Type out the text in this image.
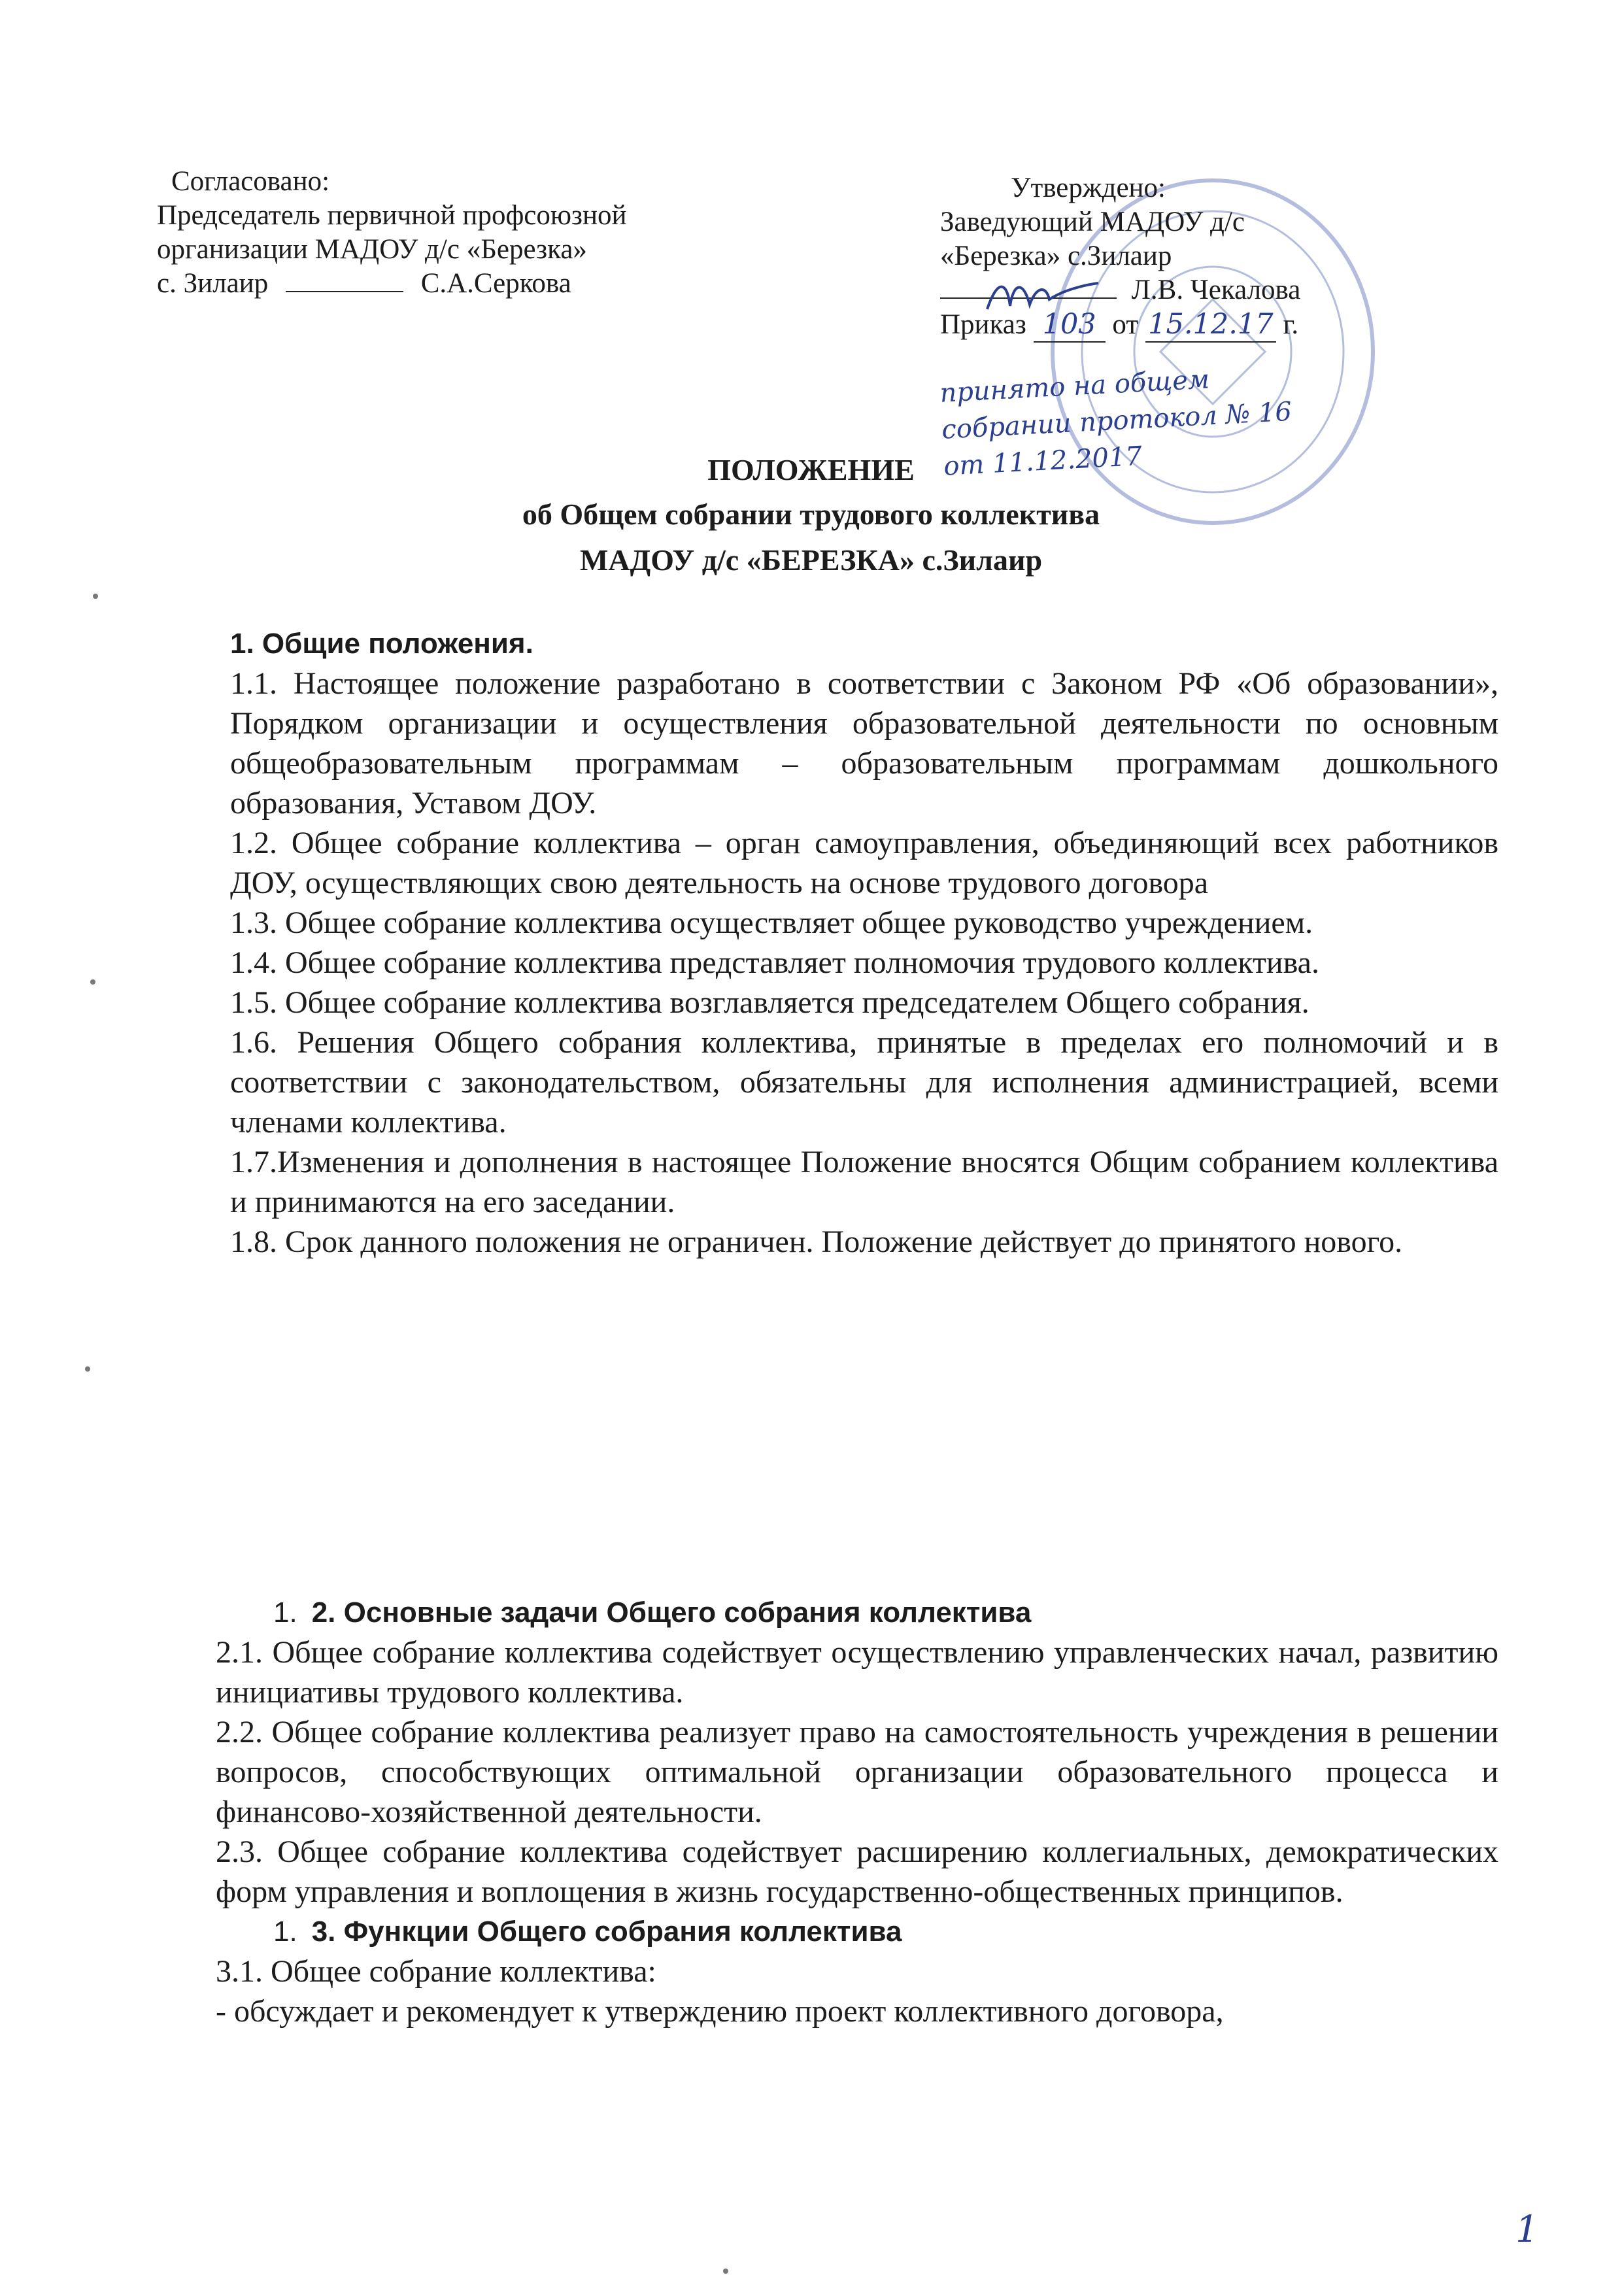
Согласовано:
Председатель первичной профсоюзной
организации МАДОУ д/с «Березка»
с. Зилаир	С.А.Серкова
Утверждено:
Заведующий МАДОУ д/с
«Березка» с.Зилаир
Л.В. Чекалова
Приказ 103 от 15.12.17 г.
принято на общем
собрании протокол № 16
от 11.12.2017
ПОЛОЖЕНИЕ
об Общем собрании трудового коллектива
МАДОУ д/с «БЕРЕЗКА» с.Зилаир

1. Общие положения.

1.1. Настоящее положение разработано в соответствии с Законом РФ «Об образовании», Порядком организации и осуществления образовательной деятельности по основным общеобразовательным программам – образовательным программам дошкольного образования, Уставом ДОУ.

1.2. Общее собрание коллектива – орган самоуправления, объединяющий всех работников ДОУ, осуществляющих свою деятельность на основе трудового договора

1.3. Общее собрание коллектива осуществляет общее руководство учреждением.

1.4. Общее собрание коллектива представляет полномочия трудового коллектива.

1.5. Общее собрание коллектива возглавляется председателем Общего собрания.

1.6. Решения Общего собрания коллектива, принятые в пределах его полномочий и в соответствии с законодательством, обязательны для исполнения администрацией, всеми членами коллектива.

1.7.Изменения и дополнения в настоящее Положение вносятся Общим собранием коллектива и принимаются на его заседании.

1.8. Срок данного положения не ограничен. Положение действует до принятого нового.

1. 2. Основные задачи Общего собрания коллектива

2.1. Общее собрание коллектива содействует осуществлению управленческих начал, развитию инициативы трудового коллектива.

2.2. Общее собрание коллектива реализует право на самостоятельность учреждения в решении вопросов, способствующих оптимальной организации образовательного процесса и финансово-хозяйственной деятельности.

2.3. Общее собрание коллектива содействует расширению коллегиальных, демократических форм управления и воплощения в жизнь государственно-общественных принципов.

1. 3. Функции Общего собрания коллектива

3.1. Общее собрание коллектива:

- обсуждает и рекомендует к утверждению проект коллективного договора,

1
